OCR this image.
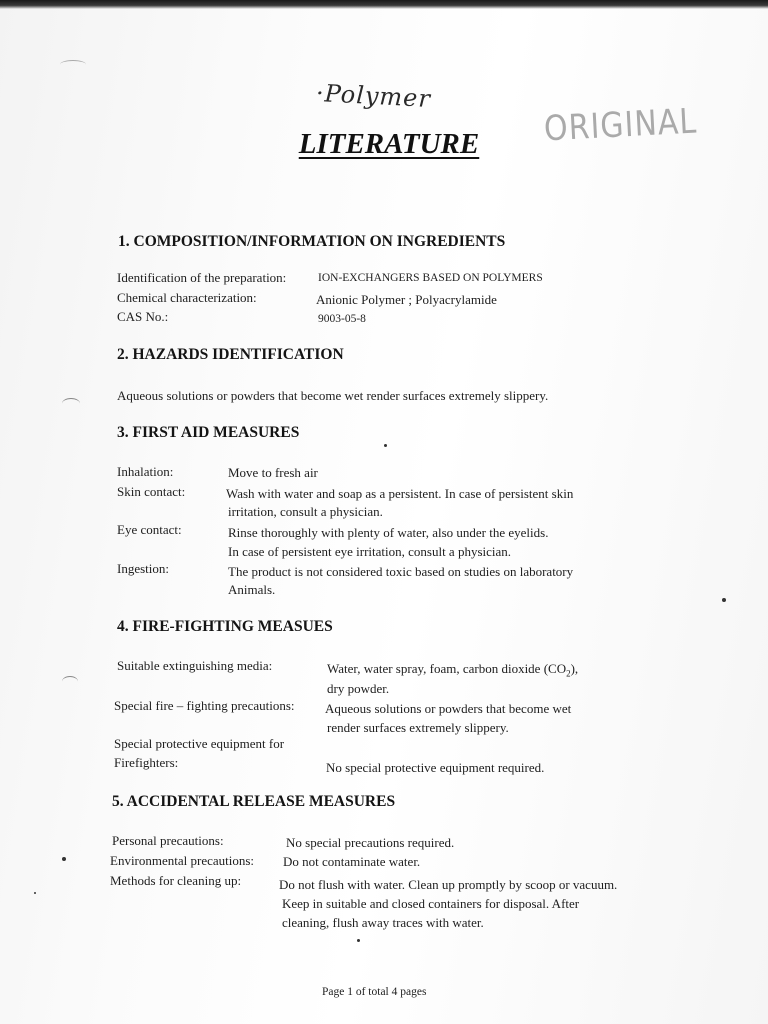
·Polymer
ORIGINAL
LITERATURE
1. COMPOSITION/INFORMATION ON INGREDIENTS
Identification of the preparation:	ION-EXCHANGERS BASED ON POLYMERS
Chemical characterization:	Anionic Polymer ; Polyacrylamide
CAS No.:	9003-05-8
2. HAZARDS IDENTIFICATION
Aqueous solutions or powders that become wet render surfaces extremely slippery.
3. FIRST AID MEASURES
Inhalation:	Move to fresh air
Skin contact:	Wash with water and soap as a persistent. In case of persistent skin
irritation, consult a physician.
Eye contact:	Rinse thoroughly with plenty of water, also under the eyelids.
In case of persistent eye irritation, consult a physician.
Ingestion:	The product is not considered toxic based on studies on laboratory
Animals.
4. FIRE-FIGHTING MEASUES
Suitable extinguishing media:	Water, water spray, foam, carbon dioxide $(CO_2)$,
dry powder.
Special fire – fighting precautions: Aqueous solutions or powders that become wet
render surfaces extremely slippery.
Special protective equipment for
Firefighters:	No special protective equipment required.
5. ACCIDENTAL RELEASE MEASURES
Personal precautions:	No special precautions required.
Environmental precautions: Do not contaminate water.
Methods for cleaning up:	Do not flush with water. Clean up promptly by scoop or vacuum.
Keep in suitable and closed containers for disposal. After
cleaning, flush away traces with water.
Page 1 of total 4 pages
